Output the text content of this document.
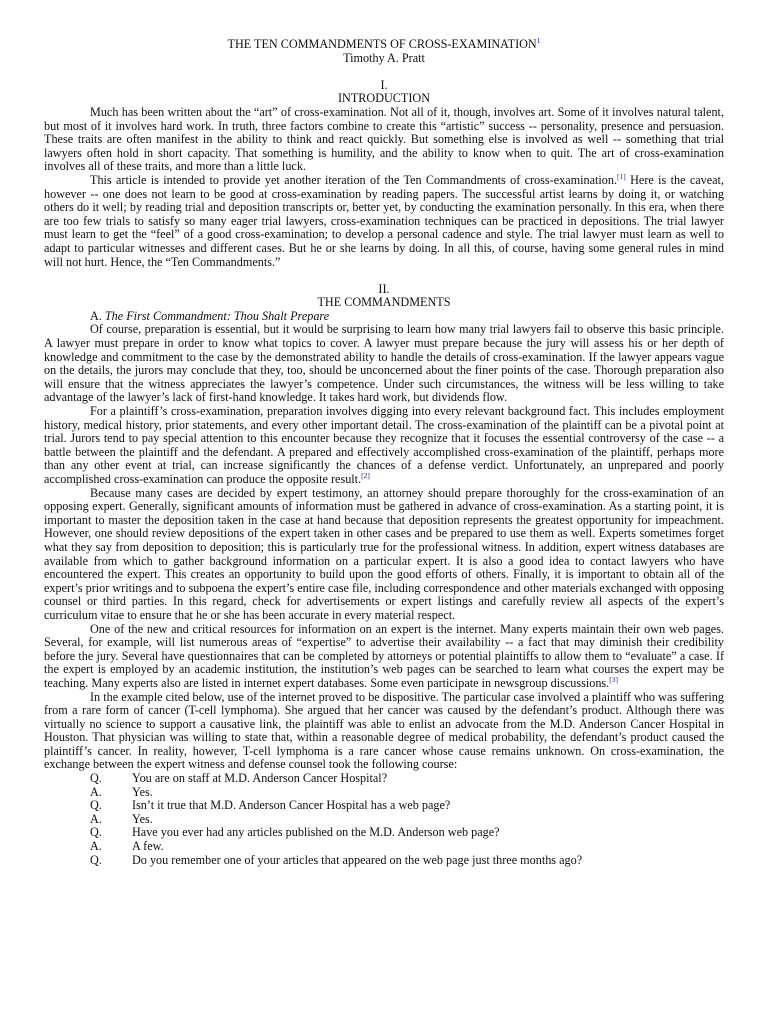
THE TEN COMMANDMENTS OF CROSS-EXAMINATION$^1$
Timothy A. Pratt
I.
INTRODUCTION

Much has been written about the “art” of cross-examination. Not all of it, though, involves art. Some of it involves natural talent, but most of it involves hard work. In truth, three factors combine to create this “artistic” success -- personality, presence and persuasion. These traits are often manifest in the ability to think and react quickly. But something else is involved as well -- something that trial lawyers often hold in short capacity. That something is humility, and the ability to know when to quit. The art of cross-examination involves all of these traits, and more than a little luck.

This article is intended to provide yet another iteration of the Ten Commandments of cross-examination.[1] Here is the caveat, however -- one does not learn to be good at cross-examination by reading papers. The successful artist learns by doing it, or watching others do it well; by reading trial and deposition transcripts or, better yet, by conducting the examination personally. In this era, when there are too few trials to satisfy so many eager trial lawyers, cross-examination techniques can be practiced in depositions. The trial lawyer must learn to get the “feel” of a good cross-examination; to develop a personal cadence and style. The trial lawyer must learn as well to adapt to particular witnesses and different cases. But he or she learns by doing. In all this, of course, having some general rules in mind will not hurt. Hence, the “Ten Commandments.”

II.
THE COMMANDMENTS
A. The First Commandment: Thou Shalt Prepare

Of course, preparation is essential, but it would be surprising to learn how many trial lawyers fail to observe this basic principle. A lawyer must prepare in order to know what topics to cover. A lawyer must prepare because the jury will assess his or her depth of knowledge and commitment to the case by the demonstrated ability to handle the details of cross-examination. If the lawyer appears vague on the details, the jurors may conclude that they, too, should be unconcerned about the finer points of the case. Thorough preparation also will ensure that the witness appreciates the lawyer’s competence. Under such circumstances, the witness will be less willing to take advantage of the lawyer’s lack of first-hand knowledge. It takes hard work, but dividends flow.

For a plaintiff’s cross-examination, preparation involves digging into every relevant background fact. This includes employment history, medical history, prior statements, and every other important detail. The cross-examination of the plaintiff can be a pivotal point at trial. Jurors tend to pay special attention to this encounter because they recognize that it focuses the essential controversy of the case -- a battle between the plaintiff and the defendant. A prepared and effectively accomplished cross-examination of the plaintiff, perhaps more than any other event at trial, can increase significantly the chances of a defense verdict. Unfortunately, an unprepared and poorly accomplished cross-examination can produce the opposite result.[2]

Because many cases are decided by expert testimony, an attorney should prepare thoroughly for the cross-examination of an opposing expert. Generally, significant amounts of information must be gathered in advance of cross-examination. As a starting point, it is important to master the deposition taken in the case at hand because that deposition represents the greatest opportunity for impeachment. However, one should review depositions of the expert taken in other cases and be prepared to use them as well. Experts sometimes forget what they say from deposition to deposition; this is particularly true for the professional witness. In addition, expert witness databases are available from which to gather background information on a particular expert. It is also a good idea to contact lawyers who have encountered the expert. This creates an opportunity to build upon the good efforts of others. Finally, it is important to obtain all of the expert’s prior writings and to subpoena the expert’s entire case file, including correspondence and other materials exchanged with opposing counsel or third parties. In this regard, check for advertisements or expert listings and carefully review all aspects of the expert’s curriculum vitae to ensure that he or she has been accurate in every material respect.

One of the new and critical resources for information on an expert is the internet. Many experts maintain their own web pages. Several, for example, will list numerous areas of “expertise” to advertise their availability -- a fact that may diminish their credibility before the jury. Several have questionnaires that can be completed by attorneys or potential plaintiffs to allow them to “evaluate” a case. If the expert is employed by an academic institution, the institution’s web pages can be searched to learn what courses the expert may be teaching. Many experts also are listed in internet expert databases. Some even participate in newsgroup discussions.[3]

In the example cited below, use of the internet proved to be dispositive. The particular case involved a plaintiff who was suffering from a rare form of cancer (T-cell lymphoma). She argued that her cancer was caused by the defendant’s product. Although there was virtually no science to support a causative link, the plaintiff was able to enlist an advocate from the M.D. Anderson Cancer Hospital in Houston. That physician was willing to state that, within a reasonable degree of medical probability, the defendant’s product caused the plaintiff’s cancer. In reality, however, T-cell lymphoma is a rare cancer whose cause remains unknown. On cross-examination, the exchange between the expert witness and defense counsel took the following course:

Q.	You are on staff at M.D. Anderson Cancer Hospital?
A.	Yes.
Q.	Isn’t it true that M.D. Anderson Cancer Hospital has a web page?
A.	Yes.
Q.	Have you ever had any articles published on the M.D. Anderson web page?
A.	A few.
Q.	Do you remember one of your articles that appeared on the web page just three months ago?
